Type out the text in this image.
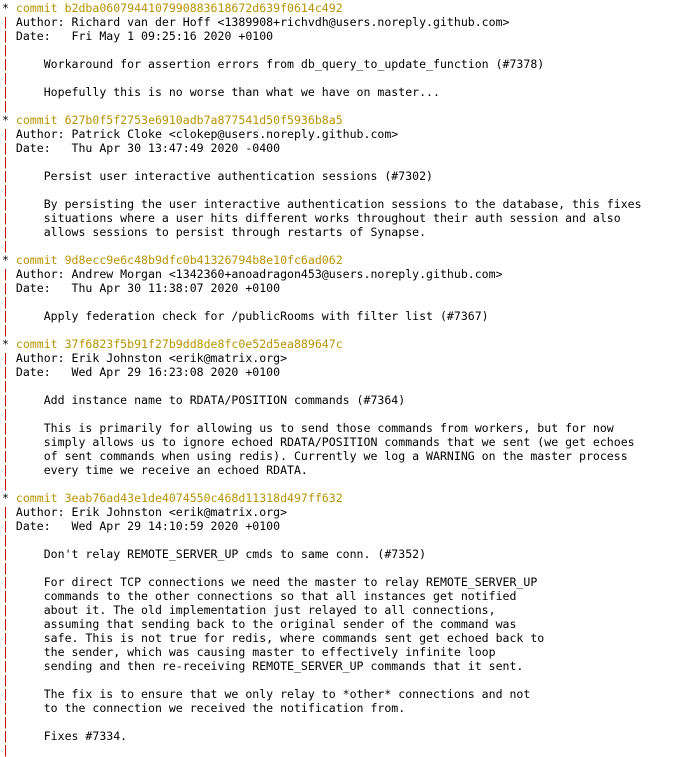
* commit b2dba0607944107990883618672d639f0614c492
| Author: Richard van der Hoff <1389908+richvdh@users.noreply.github.com>
| Date:   Fri May 1 09:25:16 2020 +0100
|
|     Workaround for assertion errors from db_query_to_update_function (#7378)
|
|     Hopefully this is no worse than what we have on master...
|
* commit 627b0f5f2753e6910adb7a877541d50f5936b8a5
| Author: Patrick Cloke <clokep@users.noreply.github.com>
| Date:   Thu Apr 30 13:47:49 2020 -0400
|
|     Persist user interactive authentication sessions (#7302)
|
|     By persisting the user interactive authentication sessions to the database, this fixes
|     situations where a user hits different works throughout their auth session and also
|     allows sessions to persist through restarts of Synapse.
|
* commit 9d8ecc9e6c48b9dfc0b41326794b8e10fc6ad062
| Author: Andrew Morgan <1342360+anoadragon453@users.noreply.github.com>
| Date:   Thu Apr 30 11:38:07 2020 +0100
|
|     Apply federation check for /publicRooms with filter list (#7367)
|
* commit 37f6823f5b91f27b9dd8de8fc0e52d5ea889647c
| Author: Erik Johnston <erik@matrix.org>
| Date:   Wed Apr 29 16:23:08 2020 +0100
|
|     Add instance name to RDATA/POSITION commands (#7364)
|
|     This is primarily for allowing us to send those commands from workers, but for now
|     simply allows us to ignore echoed RDATA/POSITION commands that we sent (we get echoes
|     of sent commands when using redis). Currently we log a WARNING on the master process
|     every time we receive an echoed RDATA.
|
* commit 3eab76ad43e1de4074550c468d11318d497ff632
| Author: Erik Johnston <erik@matrix.org>
| Date:   Wed Apr 29 14:10:59 2020 +0100
|
|     Don't relay REMOTE_SERVER_UP cmds to same conn. (#7352)
|
|     For direct TCP connections we need the master to relay REMOTE_SERVER_UP
|     commands to the other connections so that all instances get notified
|     about it. The old implementation just relayed to all connections,
|     assuming that sending back to the original sender of the command was
|     safe. This is not true for redis, where commands sent get echoed back to
|     the sender, which was causing master to effectively infinite loop
|     sending and then re-receiving REMOTE_SERVER_UP commands that it sent.
|
|     The fix is to ensure that we only relay to *other* connections and not
|     to the connection we received the notification from.
|
|     Fixes #7334.
|
